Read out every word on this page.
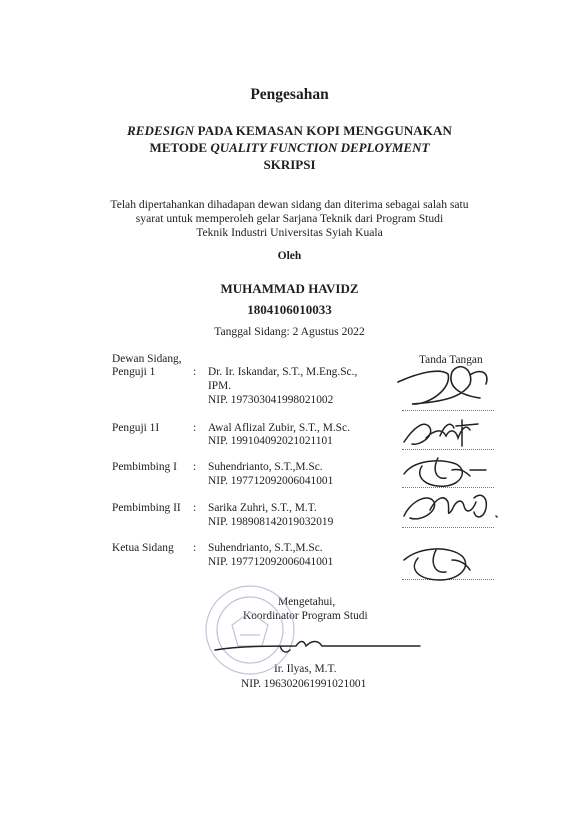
Pengesahan
REDESIGN PADA KEMASAN KOPI MENGGUNAKAN
METODE QUALITY FUNCTION DEPLOYMENT
SKRIPSI
Telah dipertahankan dihadapan dewan sidang dan diterima sebagai salah satu
syarat untuk memperoleh gelar Sarjana Teknik dari Program Studi
Teknik Industri Universitas Syiah Kuala
Oleh
MUHAMMAD HAVIDZ
1804106010033
Tanggal Sidang: 2 Agustus 2022
Dewan Sidang,	Tanda Tangan
Penguji 1	: Dr. Ir. Iskandar, S.T., M.Eng.Sc.,
IPM.
NIP. 197303041998021002
Penguji 1I	: Awal Aflizal Zubir, S.T., M.Sc.
NIP. 199104092021021101
Pembimbing I : Suhendrianto, S.T.,M.Sc.
NIP. 197712092006041001
Pembimbing II : Sarika Zuhri, S.T., M.T.
NIP. 198908142019032019
Ketua Sidang : Suhendrianto, S.T.,M.Sc.
NIP. 197712092006041001
Mengetahui,
Koordinator Program Studi
Ir. Ilyas, M.T.
NIP. 196302061991021001
